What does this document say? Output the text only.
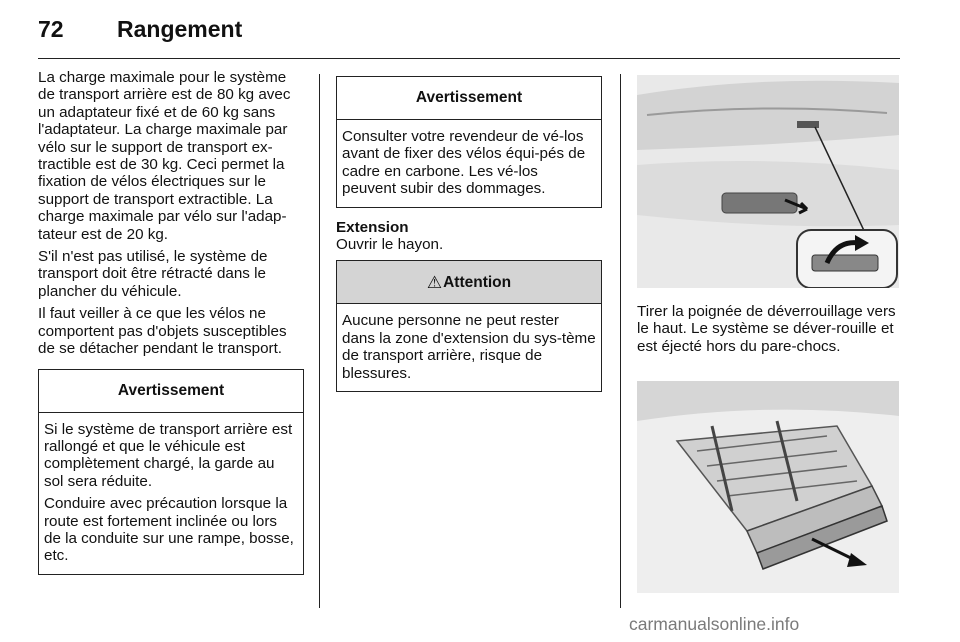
72 Rangement

La charge maximale pour le système de transport arrière est de 80 kg avec un adaptateur fixé et de 60 kg sans l'adaptateur. La charge maximale par vélo sur le support de transport ex-tractible est de 30 kg. Ceci permet la fixation de vélos électriques sur le support de transport extractible. La charge maximale par vélo sur l'adap-tateur est de 20 kg.

S'il n'est pas utilisé, le système de transport doit être rétracté dans le plancher du véhicule.

Il faut veiller à ce que les vélos ne comportent pas d'objets susceptibles de se détacher pendant le transport.

Avertissement

Si le système de transport arrière est rallongé et que le véhicule est complètement chargé, la garde au sol sera réduite.

Conduire avec précaution lorsque la route est fortement inclinée ou lors de la conduite sur une rampe, bosse, etc.

Avertissement

Consulter votre revendeur de vé-los avant de fixer des vélos équi-pés de cadre en carbone. Les vé-los peuvent subir des dommages.

Extension
Ouvrir le hayon.
⚠ Attention

Aucune personne ne peut rester dans la zone d'extension du sys-tème de transport arrière, risque de blessures.

Tirer la poignée de déverrouillage vers le haut. Le système se déver-rouille et est éjecté hors du pare-chocs.
carmanualsonline.info
